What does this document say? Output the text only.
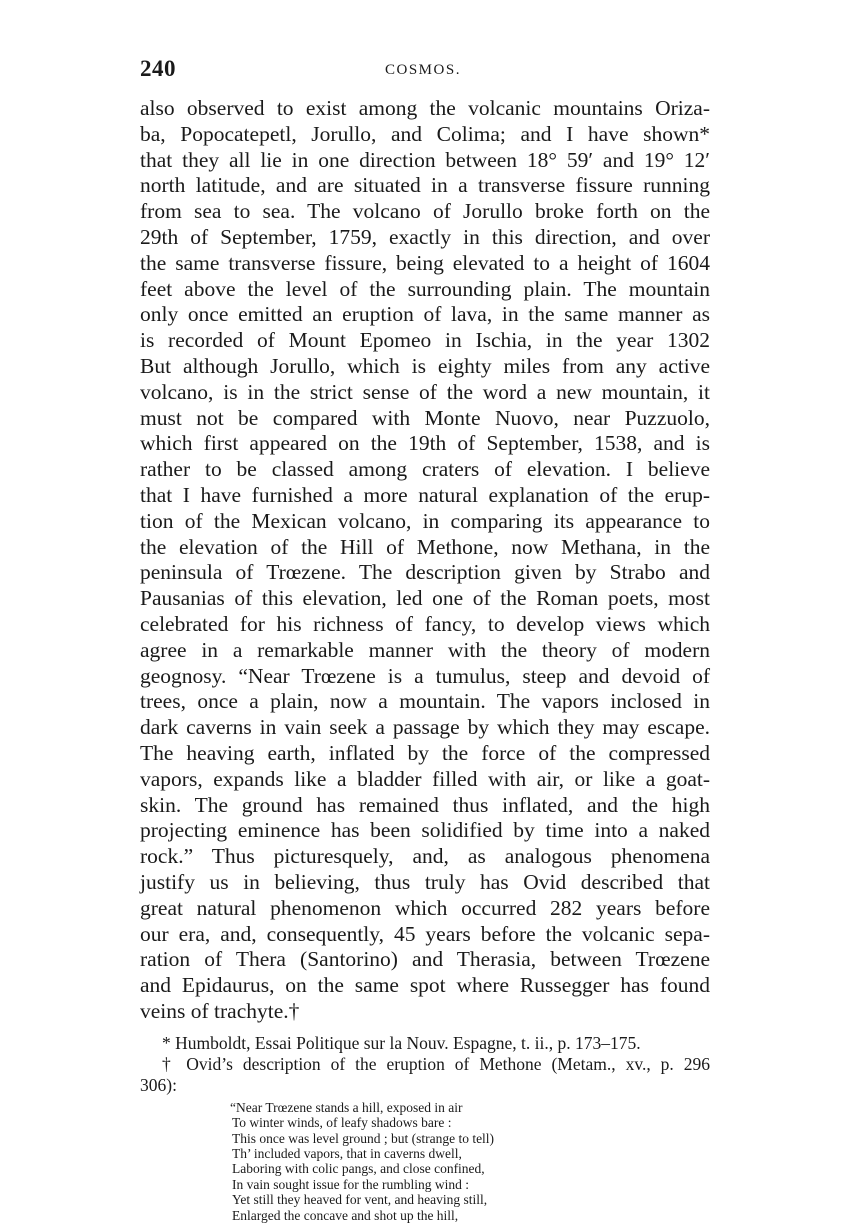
240	COSMOS.
also observed to exist among the volcanic mountains Oriza-
ba, Popocatepetl, Jorullo, and Colima; and I have shown*
that they all lie in one direction between 18° 59′ and 19° 12′
north latitude, and are situated in a transverse fissure running
from sea to sea. The volcano of Jorullo broke forth on the
29th of September, 1759, exactly in this direction, and over
the same transverse fissure, being elevated to a height of 1604
feet above the level of the surrounding plain. The mountain
only once emitted an eruption of lava, in the same manner as
is recorded of Mount Epomeo in Ischia, in the year 1302
But although Jorullo, which is eighty miles from any active
volcano, is in the strict sense of the word a new mountain, it
must not be compared with Monte Nuovo, near Puzzuolo,
which first appeared on the 19th of September, 1538, and is
rather to be classed among craters of elevation. I believe
that I have furnished a more natural explanation of the erup-
tion of the Mexican volcano, in comparing its appearance to
the elevation of the Hill of Methone, now Methana, in the
peninsula of Trœzene. The description given by Strabo and
Pausanias of this elevation, led one of the Roman poets, most
celebrated for his richness of fancy, to develop views which
agree in a remarkable manner with the theory of modern
geognosy. “Near Trœzene is a tumulus, steep and devoid of
trees, once a plain, now a mountain. The vapors inclosed in
dark caverns in vain seek a passage by which they may escape.
The heaving earth, inflated by the force of the compressed
vapors, expands like a bladder filled with air, or like a goat-
skin. The ground has remained thus inflated, and the high
projecting eminence has been solidified by time into a naked
rock.” Thus picturesquely, and, as analogous phenomena
justify us in believing, thus truly has Ovid described that
great natural phenomenon which occurred 282 years before
our era, and, consequently, 45 years before the volcanic sepa-
ration of Thera (Santorino) and Therasia, between Trœzene
and Epidaurus, on the same spot where Russegger has found
veins of trachyte.†
* Humboldt, Essai Politique sur la Nouv. Espagne, t. ii., p. 173–175.
† Ovid’s description of the eruption of Methone (Metam., xv., p. 296
306):
“Near Trœzene stands a hill, exposed in air
To winter winds, of leafy shadows bare :
This once was level ground ; but (strange to tell)
Th’ included vapors, that in caverns dwell,
Laboring with colic pangs, and close confined,
In vain sought issue for the rumbling wind :
Yet still they heaved for vent, and heaving still,
Enlarged the concave and shot up the hill,
